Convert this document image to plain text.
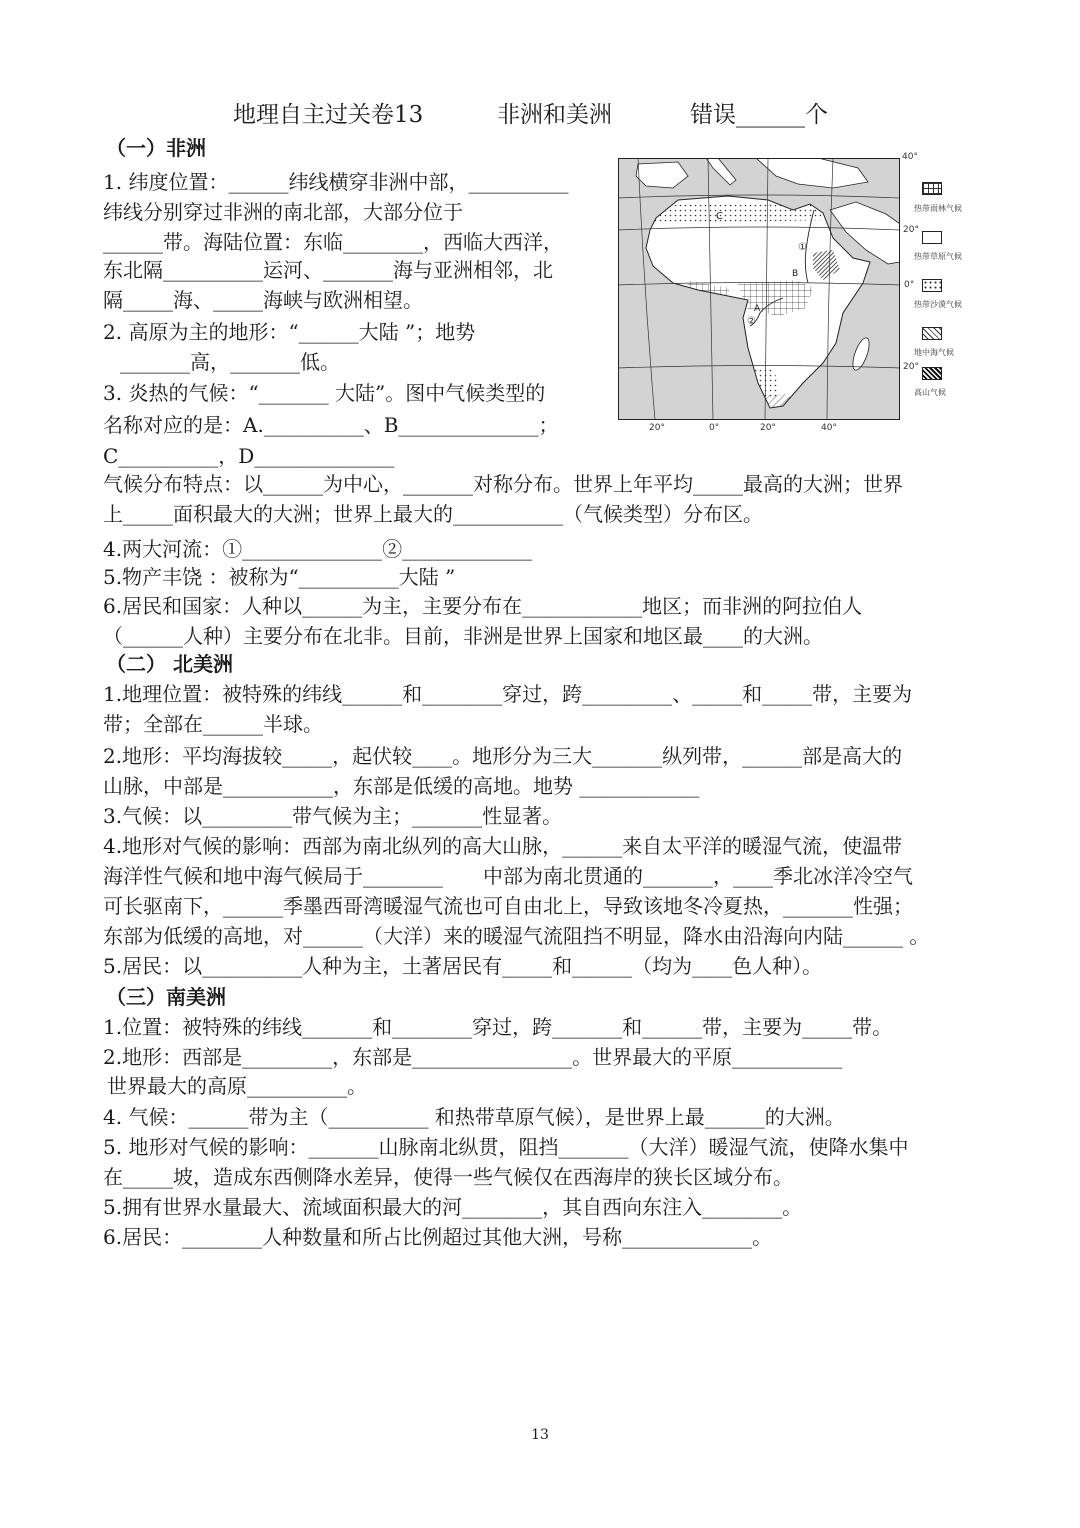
地理自主过关卷13	非洲和美洲	错误______个
（一）非洲
1. 纬度位置：______纬线横穿非洲中部，__________
纬线分别穿过非洲的南北部，大部分位于
______带。海陆位置：东临________，西临大西洋，
东北隔__________运河、_______海与亚洲相邻，北
隔_____海、_____海峡与欧洲相望。
2. 高原为主的地形：“______大陆 ”；地势
_______高，_______低。
3. 炎热的气候：“_______ 大陆”。图中气候类型的
名称对应的是：A.__________、B______________；
C__________，D______________
气候分布特点：以______为中心，_______对称分布。世界上年平均_____最高的大洲；世界
上_____面积最大的大洲；世界上最大的___________（气候类型）分布区。
4.两大河流：①______________②_____________
5.物产丰饶 ：被称为“__________大陆 ”
6.居民和国家：人种以______为主，主要分布在____________地区；而非洲的阿拉伯人
（______人种）主要分布在北非。目前，非洲是世界上国家和地区最____的大洲。
C
B
A
②
①
40°
20°
0°
20°
20°	0°	20°	40°
热带雨林气候
热带草原气候
热带沙漠气候
地中海气候
高山气候
（二） 北美洲
1.地理位置：被特殊的纬线______和________穿过，跨_________、_____和_____带，主要为
带；全部在______半球。
2.地形：平均海拔较_____，起伏较____。地形分为三大_______纵列带，______部是高大的
山脉，中部是___________，东部是低缓的高地。地势 ____________
3.气候：以_________带气候为主；_______性显著。
4.地形对气候的影响：西部为南北纵列的高大山脉，______来自太平洋的暖湿气流，使温带
海洋性气候和地中海气候局于________　　中部为南北贯通的_______，____季北冰洋冷空气
可长驱南下，______季墨西哥湾暖湿气流也可自由北上，导致该地冬冷夏热，_______性强；
东部为低缓的高地，对______（大洋）来的暖湿气流阻挡不明显，降水由沿海向内陆______ 。
5.居民：以__________人种为主，土著居民有_____和______（均为____色人种）。
（三）南美洲
1.位置：被特殊的纬线_______和________穿过，跨_______和______带，主要为_____带。
2.地形：西部是_________，东部是________________。世界最大的平原___________
世界最大的高原__________。
4. 气候：______带为主（__________ 和热带草原气候），是世界上最______的大洲。
5. 地形对气候的影响：_______山脉南北纵贯，阻挡_______（大洋）暖湿气流，使降水集中
在_____坡，造成东西侧降水差异，使得一些气候仅在西海岸的狭长区域分布。
5.拥有世界水量最大、流域面积最大的河________，其自西向东注入________。
6.居民：________人种数量和所占比例超过其他大洲，号称_____________。
13
